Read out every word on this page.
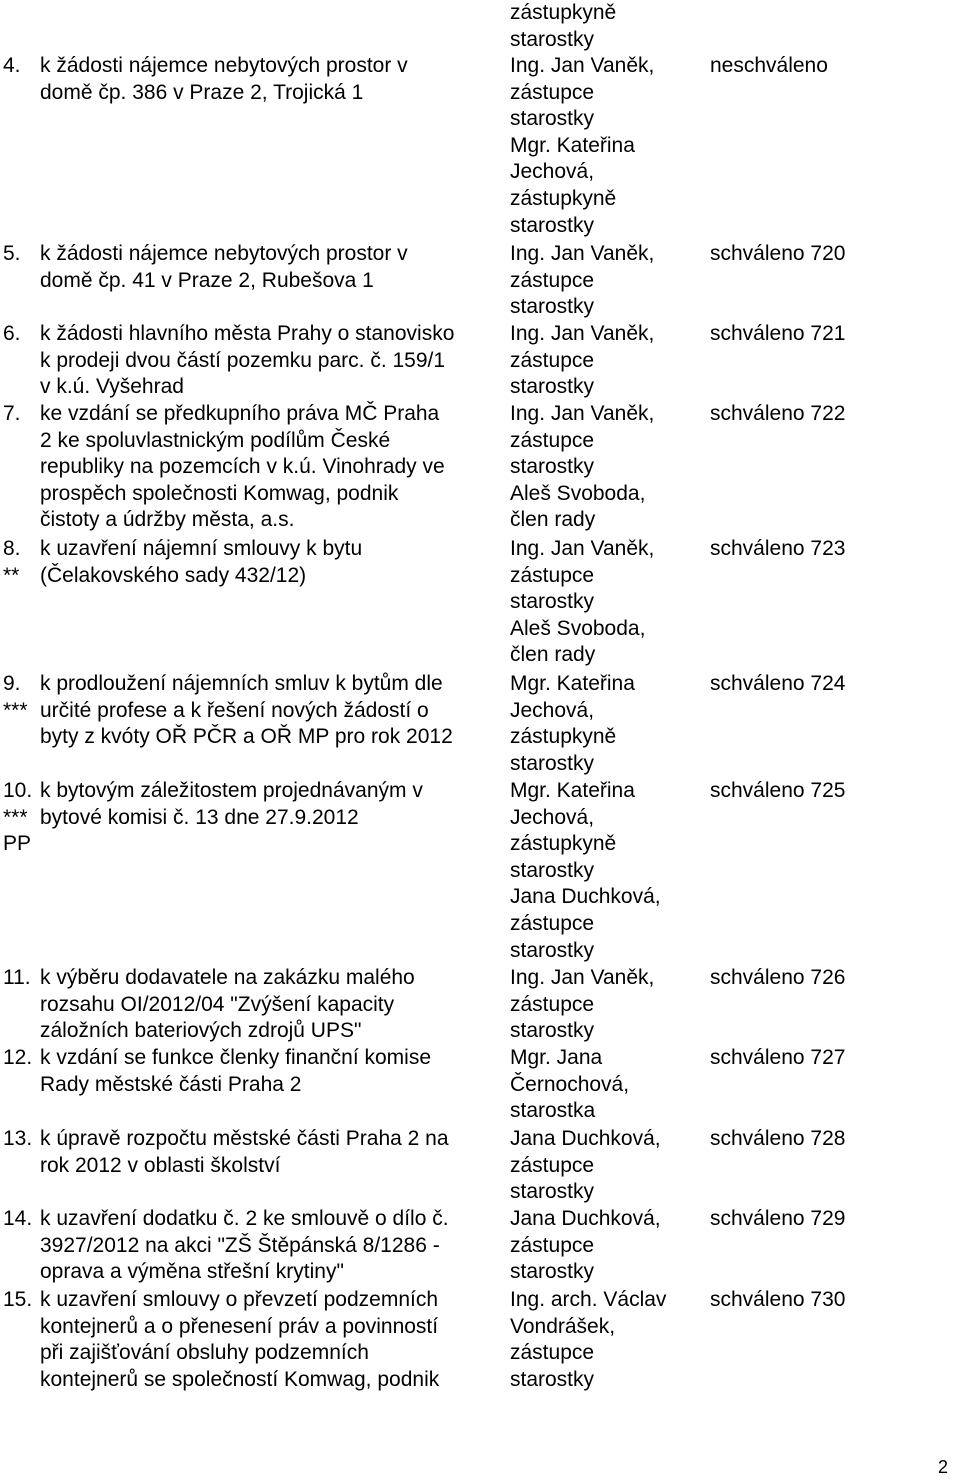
zástupkyně
starostky
4. k žádosti nájemce nebytových prostor v
domě čp. 386 v Praze 2, Trojická 1
Ing. Jan Vaněk,
zástupce
starostky
Mgr. Kateřina
Jechová,
zástupkyně
starostky
neschváleno
5. k žádosti nájemce nebytových prostor v
domě čp. 41 v Praze 2, Rubešova 1
Ing. Jan Vaněk,
zástupce
starostky
schváleno 720
6. k žádosti hlavního města Prahy o stanovisko
k prodeji dvou částí pozemku parc. č. 159/1
v k.ú. Vyšehrad
Ing. Jan Vaněk,
zástupce
starostky
schváleno 721
7. ke vzdání se předkupního práva MČ Praha
2 ke spoluvlastnickým podílům České
republiky na pozemcích v k.ú. Vinohrady ve
prospěch společnosti Komwag, podnik
čistoty a údržby města, a.s.
Ing. Jan Vaněk,
zástupce
starostky
Aleš Svoboda,
člen rady
schváleno 722
8.
**
k uzavření nájemní smlouvy k bytu
(Čelakovského sady 432/12)
Ing. Jan Vaněk,
zástupce
starostky
Aleš Svoboda,
člen rady
schváleno 723
9.
***
k prodloužení nájemních smluv k bytům dle
určité profese a k řešení nových žádostí o
byty z kvóty OŘ PČR a OŘ MP pro rok 2012
Mgr. Kateřina
Jechová,
zástupkyně
starostky
schváleno 724
10.
***
PP
k bytovým záležitostem projednávaným v
bytové komisi č. 13 dne 27.9.2012
Mgr. Kateřina
Jechová,
zástupkyně
starostky
Jana Duchková,
zástupce
starostky
schváleno 725
11. k výběru dodavatele na zakázku malého
rozsahu OI/2012/04 "Zvýšení kapacity
záložních bateriových zdrojů UPS"
Ing. Jan Vaněk,
zástupce
starostky
schváleno 726
12. k vzdání se funkce členky finanční komise
Rady městské části Praha 2
Mgr. Jana
Černochová,
starostka
schváleno 727
13. k úpravě rozpočtu městské části Praha 2 na
rok 2012 v oblasti školství
Jana Duchková,
zástupce
starostky
schváleno 728
14. k uzavření dodatku č. 2 ke smlouvě o dílo č.
3927/2012 na akci "ZŠ Štěpánská 8/1286 -
oprava a výměna střešní krytiny"
Jana Duchková,
zástupce
starostky
schváleno 729
15. k uzavření smlouvy o převzetí podzemních
kontejnerů a o přenesení práv a povinností
při zajišťování obsluhy podzemních
kontejnerů se společností Komwag, podnik
Ing. arch. Václav
Vondrášek,
zástupce
starostky
schváleno 730
2
